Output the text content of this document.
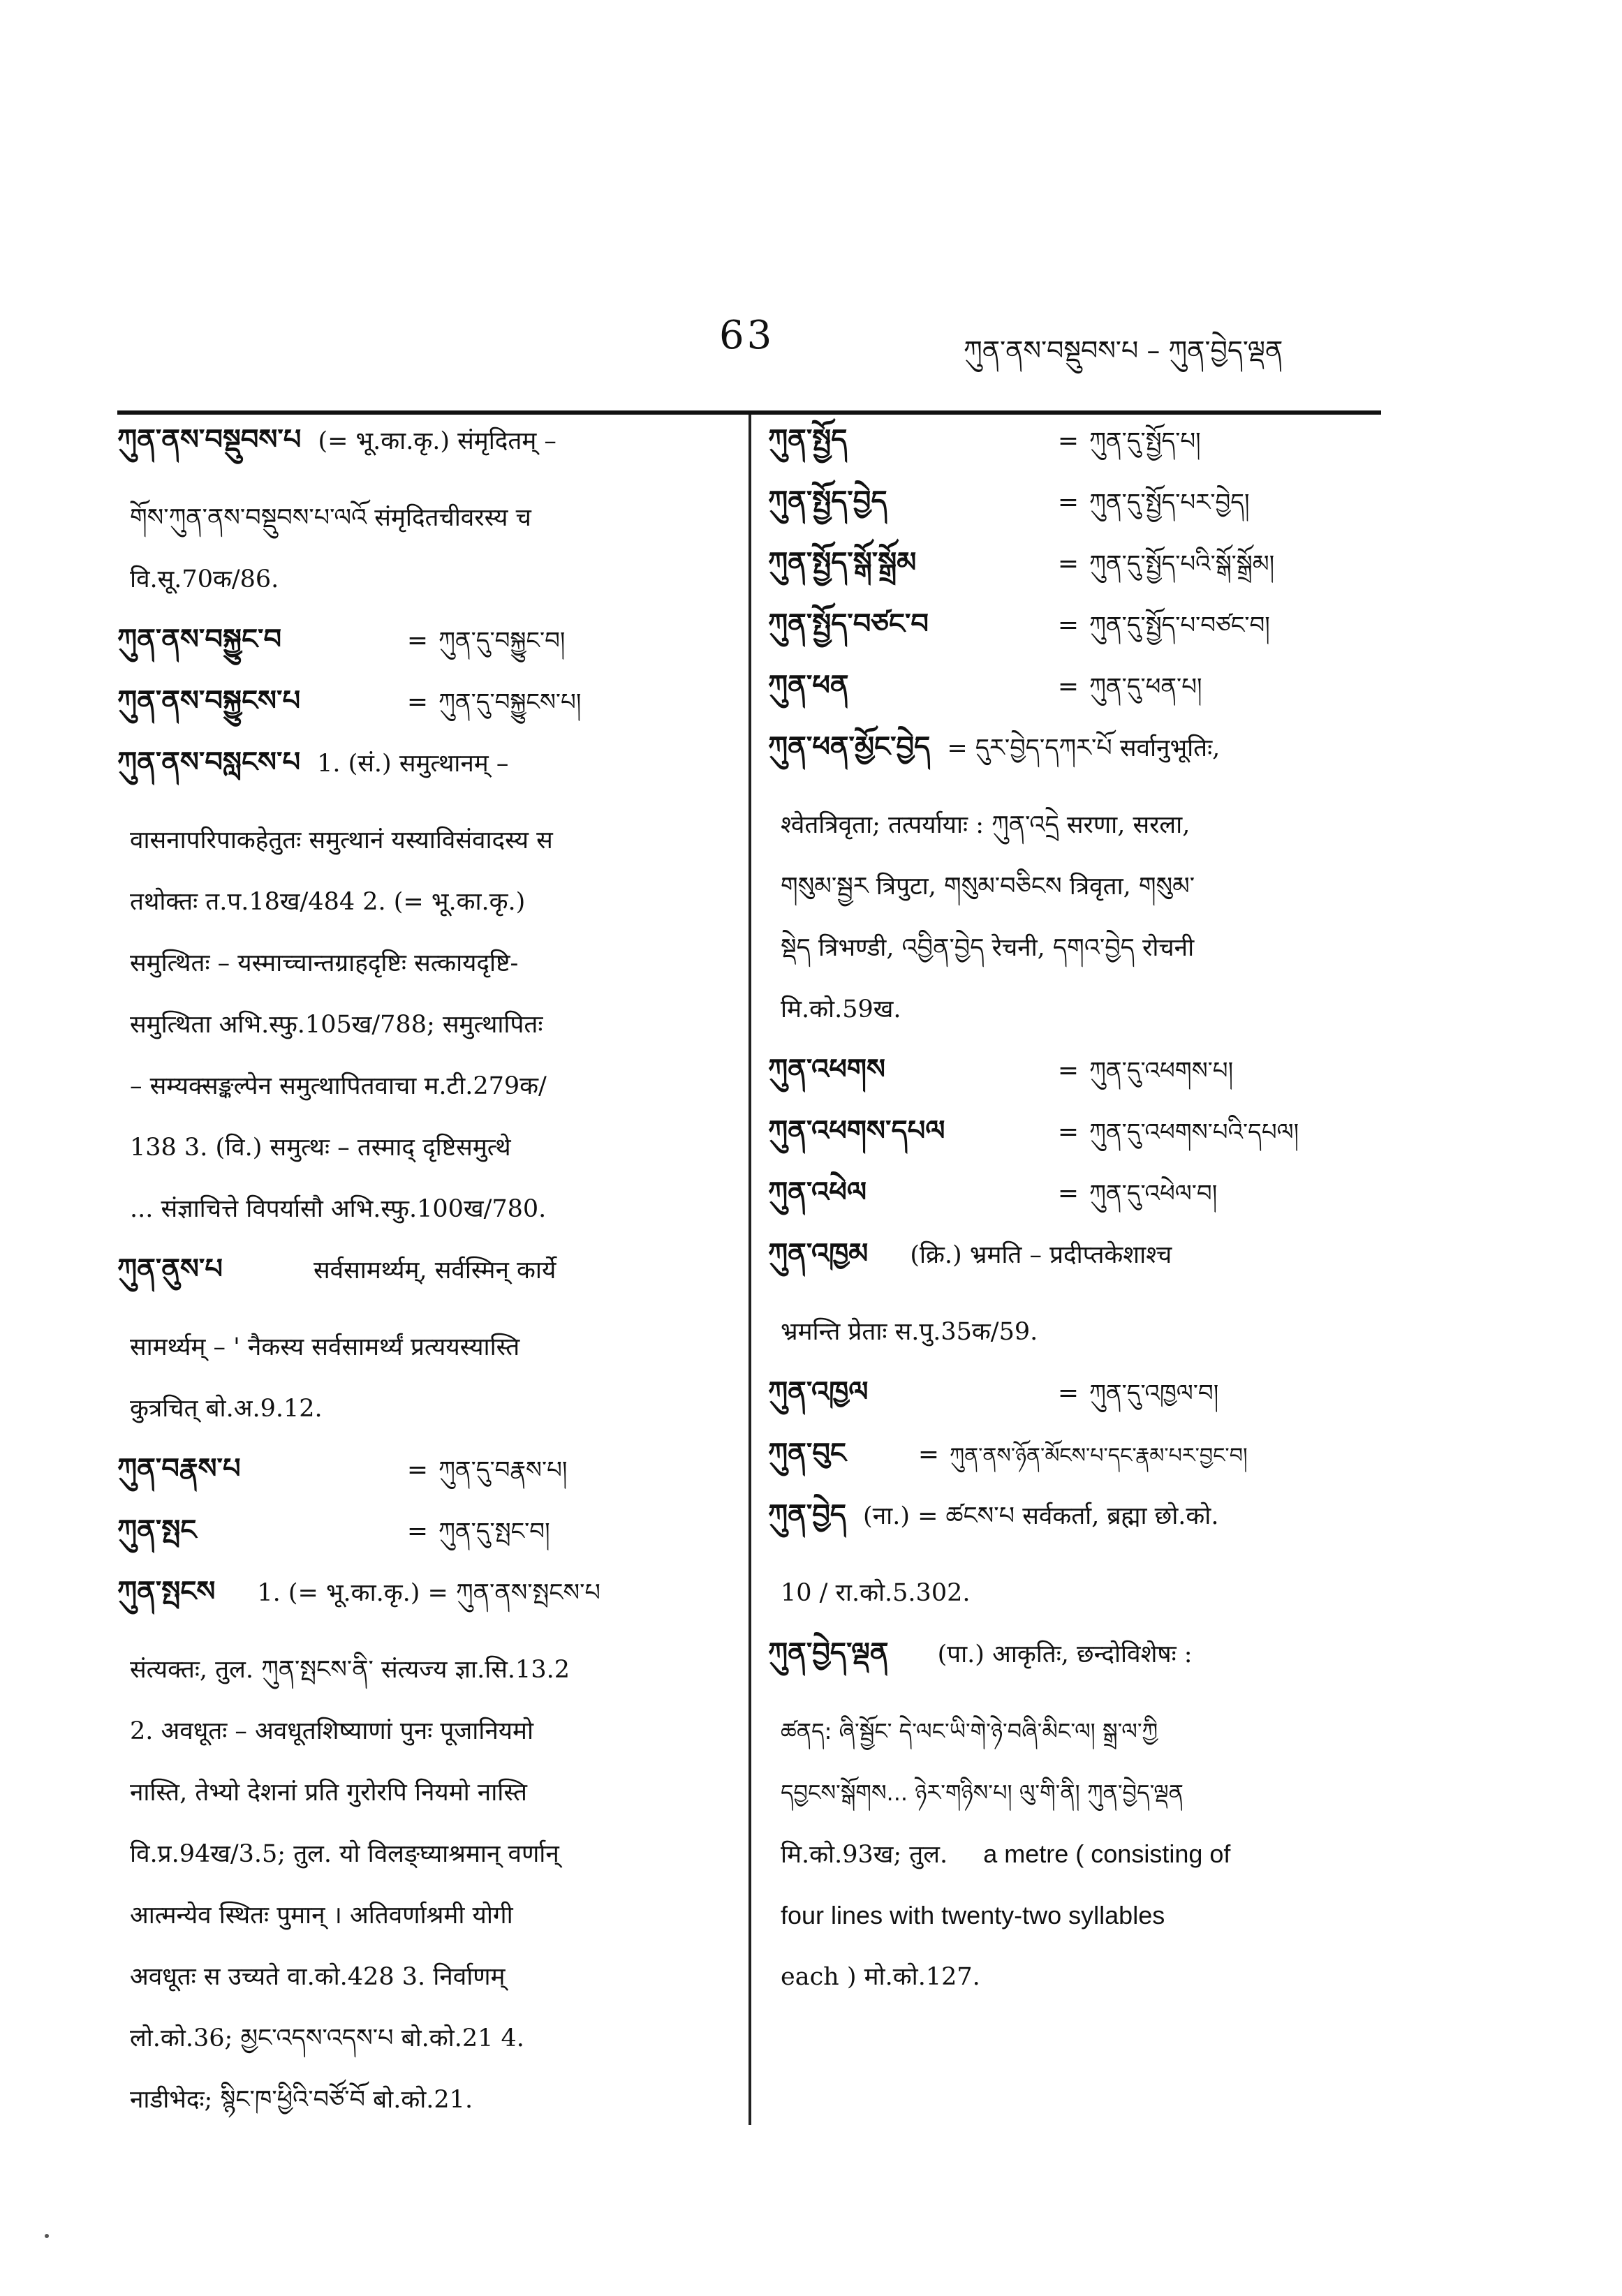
63	ཀུན་ནས་བསྡུབས་པ – ཀུན་བྱེད་ལྡན
ཀུན་ནས་བསྡུབས་པ (= भू.का.कृ.) संमृदितम् –
གོས་ཀུན་ནས་བསྡུབས་པ་ལའོ संमृदितचीवरस्य च
वि.सू.70क/86.
ཀུན་ནས་བསྐྱུང་བ	= ཀུན་དུ་བསྐྱུང་བ།
ཀུན་ནས་བསྐྱུངས་པ	= ཀུན་དུ་བསྐྱུངས་པ།
ཀུན་ནས་བསླངས་པ 1. (सं.) समुत्थानम् –
वासनापरिपाकहेतुतः समुत्थानं यस्याविसंवादस्य स
तथोक्तः त.प.18ख/484 2. (= भू.का.कृ.)
समुत्थितः – यस्माच्चान्तग्राहदृष्टिः सत्कायदृष्टि-
समुत्थिता अभि.स्फु.105ख/788; समुत्थापितः
– सम्यक्सङ्कल्पेन समुत्थापितवाचा म.टी.279क/
138 3. (वि.) समुत्थः – तस्माद् दृष्टिसमुत्थे
... संज्ञाचित्ते विपर्यासौ अभि.स्फु.100ख/780.
ཀུན་ནུས་པ	सर्वसामर्थ्यम्, सर्वस्मिन् कार्ये
सामर्थ्यम् – ' नैकस्य सर्वसामर्थ्यं प्रत्ययस्यास्ति
कुत्रचित् बो.अ.9.12.
ཀུན་བརྣས་པ	= ཀུན་དུ་བརྣས་པ།
ཀུན་སྤང	= ཀུན་དུ་སྤང་བ།
ཀུན་སྤངས 1. (= भू.का.कृ.) = ཀུན་ནས་སྤངས་པ
संत्यक्तः, तुल. ཀུན་སྤངས་ནི་ संत्यज्य ज्ञा.सि.13.2
2. अवधूतः – अवधूतशिष्याणां पुनः पूजानियमो
नास्ति, तेभ्यो देशनां प्रति गुरोरपि नियमो नास्ति
वि.प्र.94ख/3.5; तुल. यो विलङ्घ्याश्रमान् वर्णान्
आत्मन्येव स्थितः पुमान् । अतिवर्णाश्रमी योगी
अवधूतः स उच्यते वा.को.428 3. निर्वाणम्
लो.को.36; མྱང་འདས་འདས་པ बो.को.21 4.
नाडीभेदः; སྙིང་ཁ་ཕྱིའི་བཙོ་བོ बो.को.21.
ཀུན་སྤྱོད	= ཀུན་དུ་སྤྱོད་པ།
ཀུན་སྤྱོད་བྱེད	= ཀུན་དུ་སྤྱོད་པར་བྱེད།
ཀུན་སྤྱོད་སྒོ་སྒྲོམ	= ཀུན་དུ་སྤྱོད་པའི་སྒོ་སྒྲོམ།
ཀུན་སྤྱོད་བཙང་བ	= ཀུན་དུ་སྤྱོད་པ་བཙང་བ།
ཀུན་ཕན	= ཀུན་དུ་ཕན་པ།
ཀུན་ཕན་མྱོང་བྱེད = དུར་བྱེད་དཀར་པོ सर्वानुभूतिः,
श्वेतत्रिवृता; तत्पर्यायाः : ཀུན་འདྲེ सरणा, सरला,
གསུམ་སྦྱར त्रिपुटा, གསུམ་བཅིངས त्रिवृता, གསུམ་
སྡེད त्रिभण्डी, འབྱིན་བྱེད रेचनी, དགའ་བྱེད रोचनी
मि.को.59ख.
ཀུན་འཕགས	= ཀུན་དུ་འཕགས་པ།
ཀུན་འཕགས་དཔལ	= ཀུན་དུ་འཕགས་པའི་དཔལ།
ཀུན་འཕེལ	= ཀུན་དུ་འཕེལ་བ།
ཀུན་འཁྱམ (क्रि.) भ्रमति – प्रदीप्तकेशाश्च
भ्रमन्ति प्रेताः स.पु.35क/59.
ཀུན་འཁྱལ	= ཀུན་དུ་འཁྱལ་བ།
ཀུན་བུང	= ཀུན་ནས་ཉོན་མོངས་པ་དང་རྣམ་པར་བྱང་བ།
ཀུན་བྱེད (ना.) = ཚངས་པ सर्वकर्ता, ब्रह्मा छो.को.
10 / रा.को.5.302.
ཀུན་བྱེད་ལྡན (पा.) आकृतिः, छन्दोविशेषः :
ཚནད: ཞི་སྦྱོང་ དེ་ལང་ཡི་གེ་ཉེ་བཞི་མིང་ལ། སྒྲ་ལ་ཀྱི
དབྱངས་སྒོགས... ཉེར་གཉིས་པ། ལུ་གི་ནི། ཀུན་བྱེད་ལྡན
मि.को.93ख; तुल. a metre ( consisting of
four lines with twenty-two syllables
each ) मो.को.127.
